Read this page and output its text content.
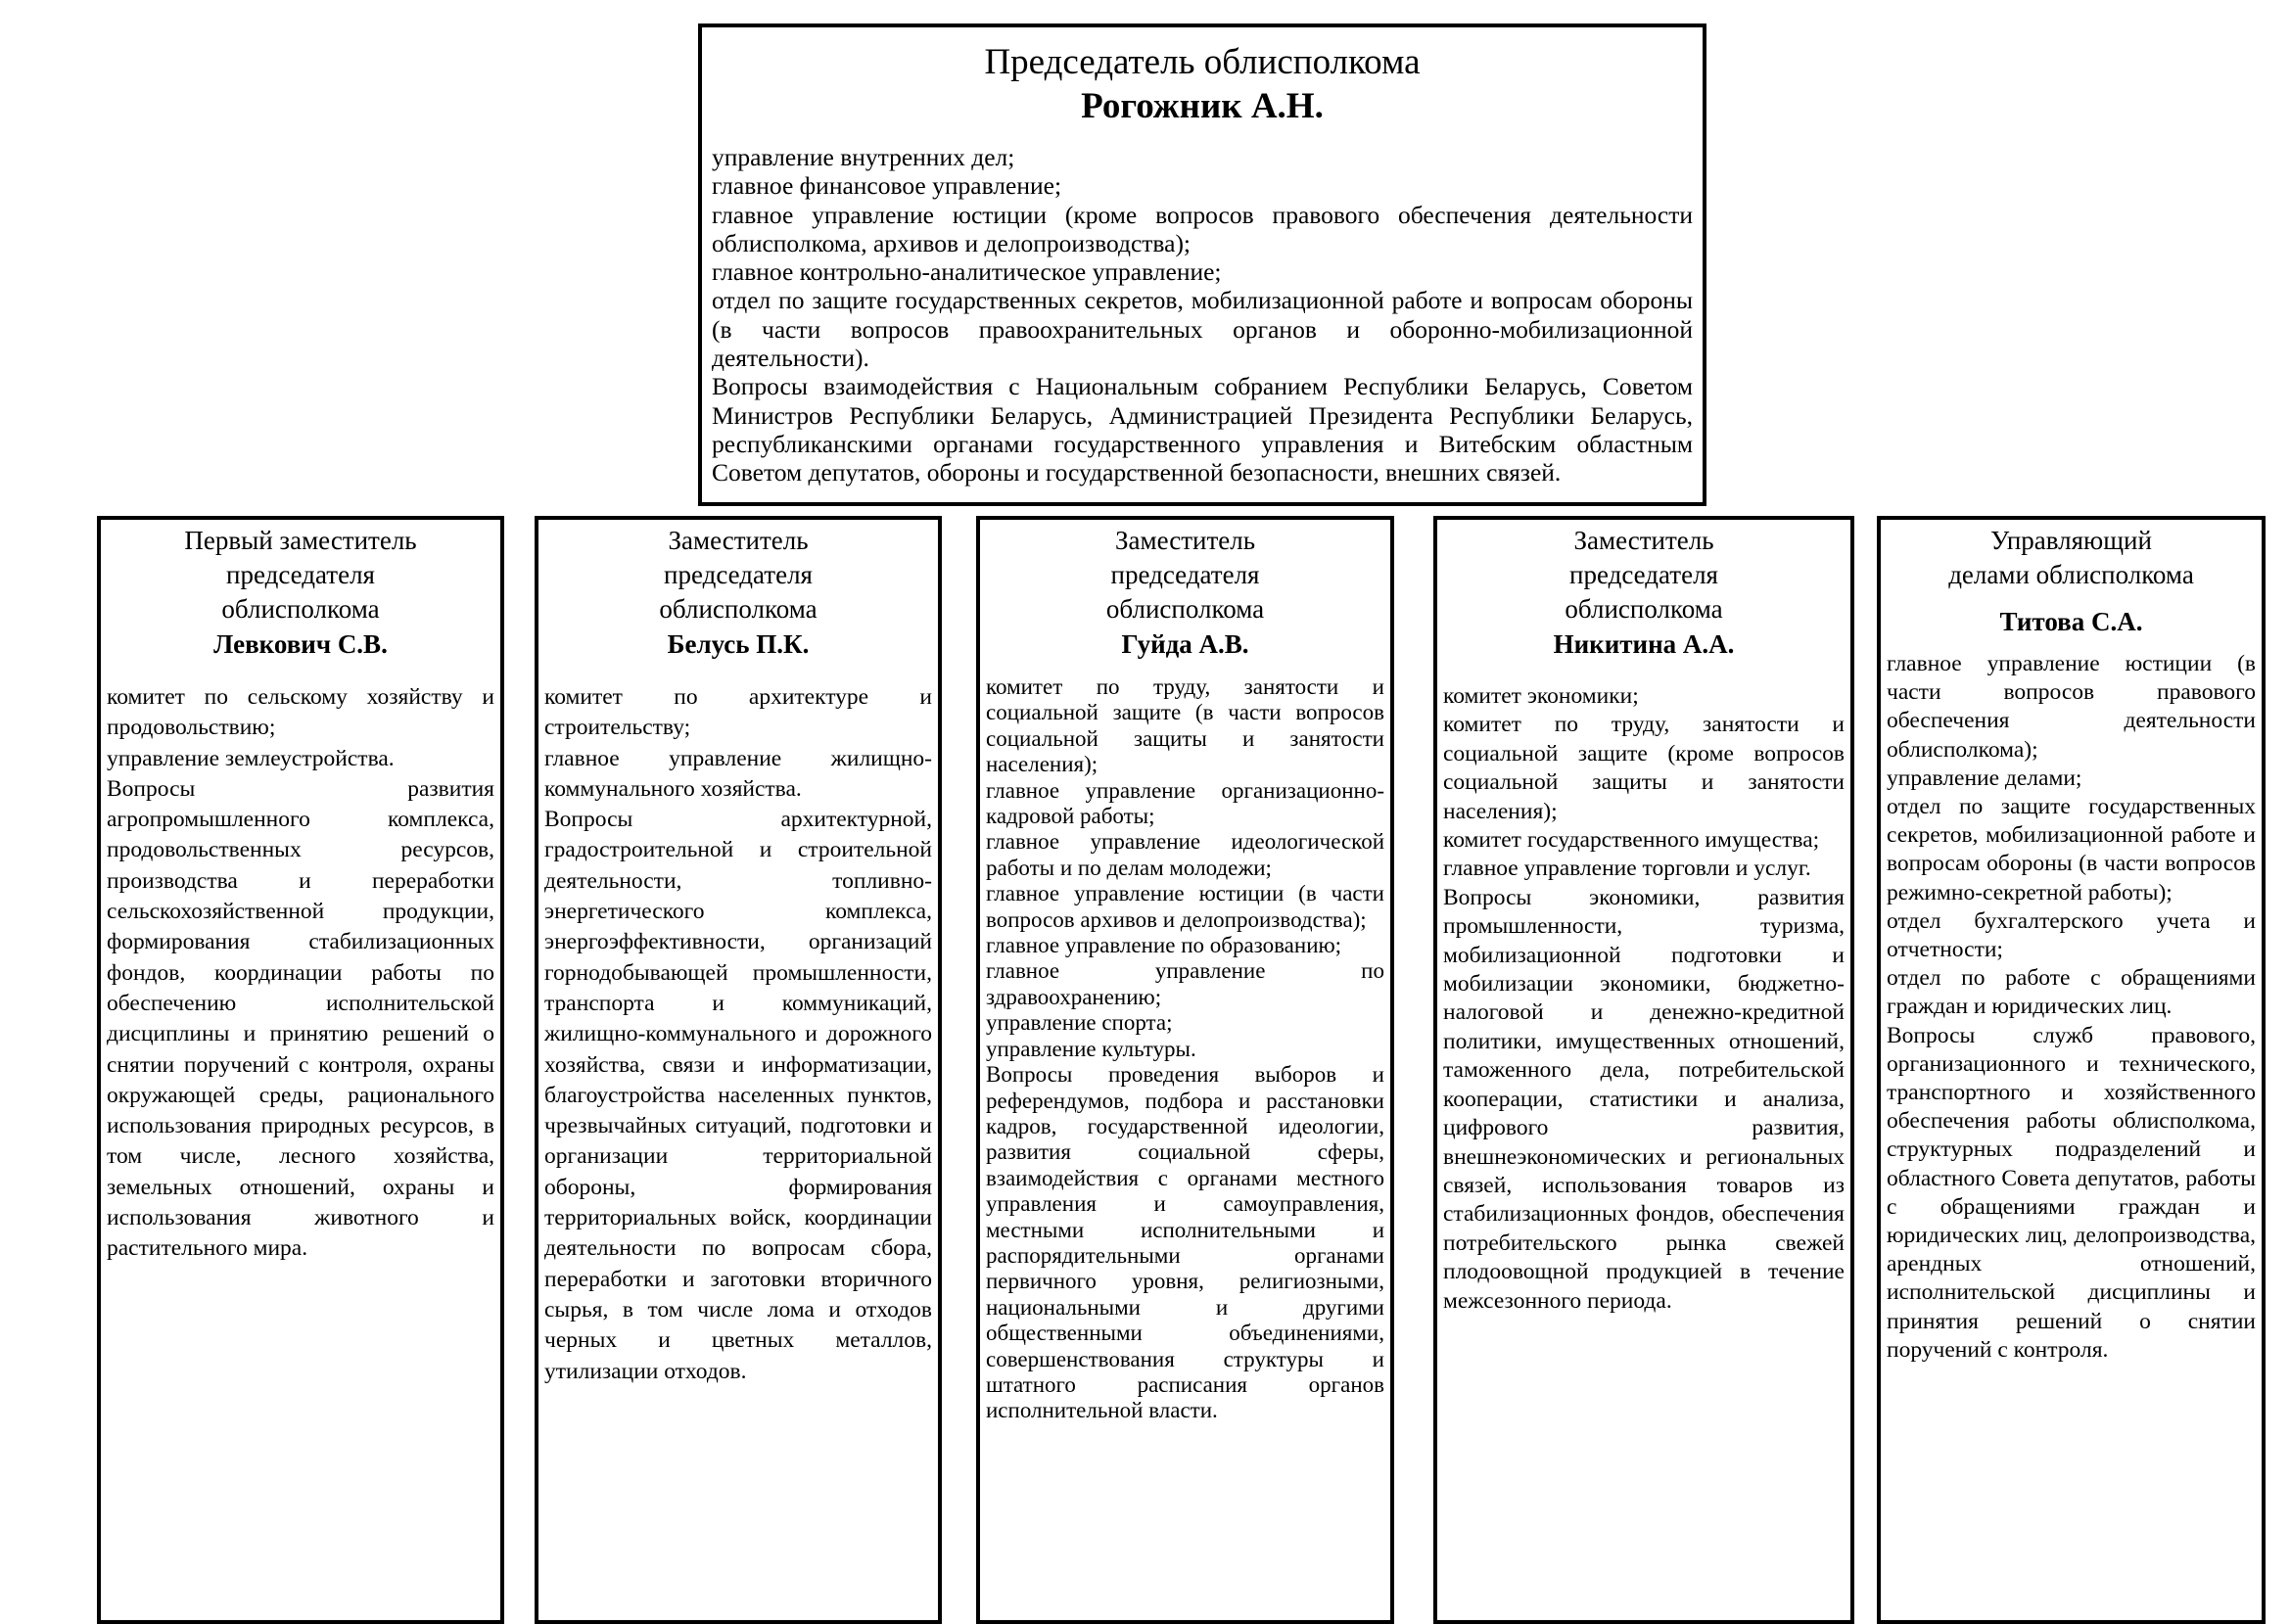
Председатель облисполкома

Рогожник А.Н.

управление внутренних дел;
главное финансовое управление;
главное управление юстиции (кроме вопросов правового обеспечения деятельности облисполкома, архивов и делопроизводства);
главное контрольно-аналитическое управление;
отдел по защите государственных секретов, мобилизационной работе и вопросам обороны (в части вопросов правоохранительных органов и оборонно-мобилизационной деятельности).
Вопросы взаимодействия с Национальным собранием Республики Беларусь, Советом Министров Республики Беларусь, Администрацией Президента Республики Беларусь, республиканскими органами государственного управления и Витебским областным Советом депутатов, обороны и государственной безопасности, внешних связей.

Первый заместитель

председателя

облисполкома

Левкович С.В.

комитет по сельскому хозяйству и продовольствию;
управление землеустройства.
Вопросы развития агропромышленного комплекса, продовольственных ресурсов, производства и переработки сельскохозяйственной продукции, формирования стабилизационных фондов, координации работы по обеспечению исполнительской дисциплины и принятию решений о снятии поручений с контроля, охраны окружающей среды, рационального использования природных ресурсов, в том числе, лесного хозяйства, земельных отношений, охраны и использования животного и растительного мира.

Заместитель

председателя

облисполкома

Белусь П.К.

комитет по архитектуре и строительству;
главное управление жилищно-коммунального хозяйства.
Вопросы архитектурной, градостроительной и строительной деятельности, топливно-энергетического комплекса, энергоэффективности, организаций горнодобывающей промышленности, транспорта и коммуникаций, жилищно-коммунального и дорожного хозяйства, связи и информатизации, благоустройства населенных пунктов, чрезвычайных ситуаций, подготовки и организации территориальной обороны, формирования территориальных войск, координации деятельности по вопросам сбора, переработки и заготовки вторичного сырья, в том числе лома и отходов черных и цветных металлов, утилизации отходов.

Заместитель

председателя

облисполкома

Гуйда А.В.

комитет по труду, занятости и социальной защите (в части вопросов социальной защиты и занятости населения);
главное управление организационно-кадровой работы;
главное управление идеологической работы и по делам молодежи;
главное управление юстиции (в части вопросов архивов и делопроизводства);
главное управление по образованию;
главное управление по здравоохранению;
управление спорта;
управление культуры.
Вопросы проведения выборов и референдумов, подбора и расстановки кадров, государственной идеологии, развития социальной сферы, взаимодействия с органами местного управления и самоуправления, местными исполнительными и распорядительными органами первичного уровня, религиозными, национальными и другими общественными объединениями, совершенствования структуры и штатного расписания органов исполнительной власти.

Заместитель

председателя

облисполкома

Никитина А.А.

комитет экономики;
комитет по труду, занятости и социальной защите (кроме вопросов социальной защиты и занятости населения);
комитет государственного имущества;
главное управление торговли и услуг.
Вопросы экономики, развития промышленности, туризма, мобилизационной подготовки и мобилизации экономики, бюджетно-налоговой и денежно-кредитной политики, имущественных отношений, таможенного дела, потребительской кооперации, статистики и анализа, цифрового развития, внешнеэкономических и региональных связей, использования товаров из стабилизационных фондов, обеспечения потребительского рынка свежей плодоовощной продукцией в течение межсезонного периода.

Управляющий

делами облисполкома

Титова С.А.

главное управление юстиции (в части вопросов правового обеспечения деятельности облисполкома);
управление делами;
отдел по защите государственных секретов, мобилизационной работе и вопросам обороны (в части вопросов режимно-секретной работы);
отдел бухгалтерского учета и отчетности;
отдел по работе с обращениями граждан и юридических лиц.
Вопросы служб правового, организационного и технического, транспортного и хозяйственного обеспечения работы облисполкома, структурных подразделений и областного Совета депутатов, работы с обращениями граждан и юридических лиц, делопроизводства, арендных отношений, исполнительской дисциплины и принятия решений о снятии поручений с контроля.
